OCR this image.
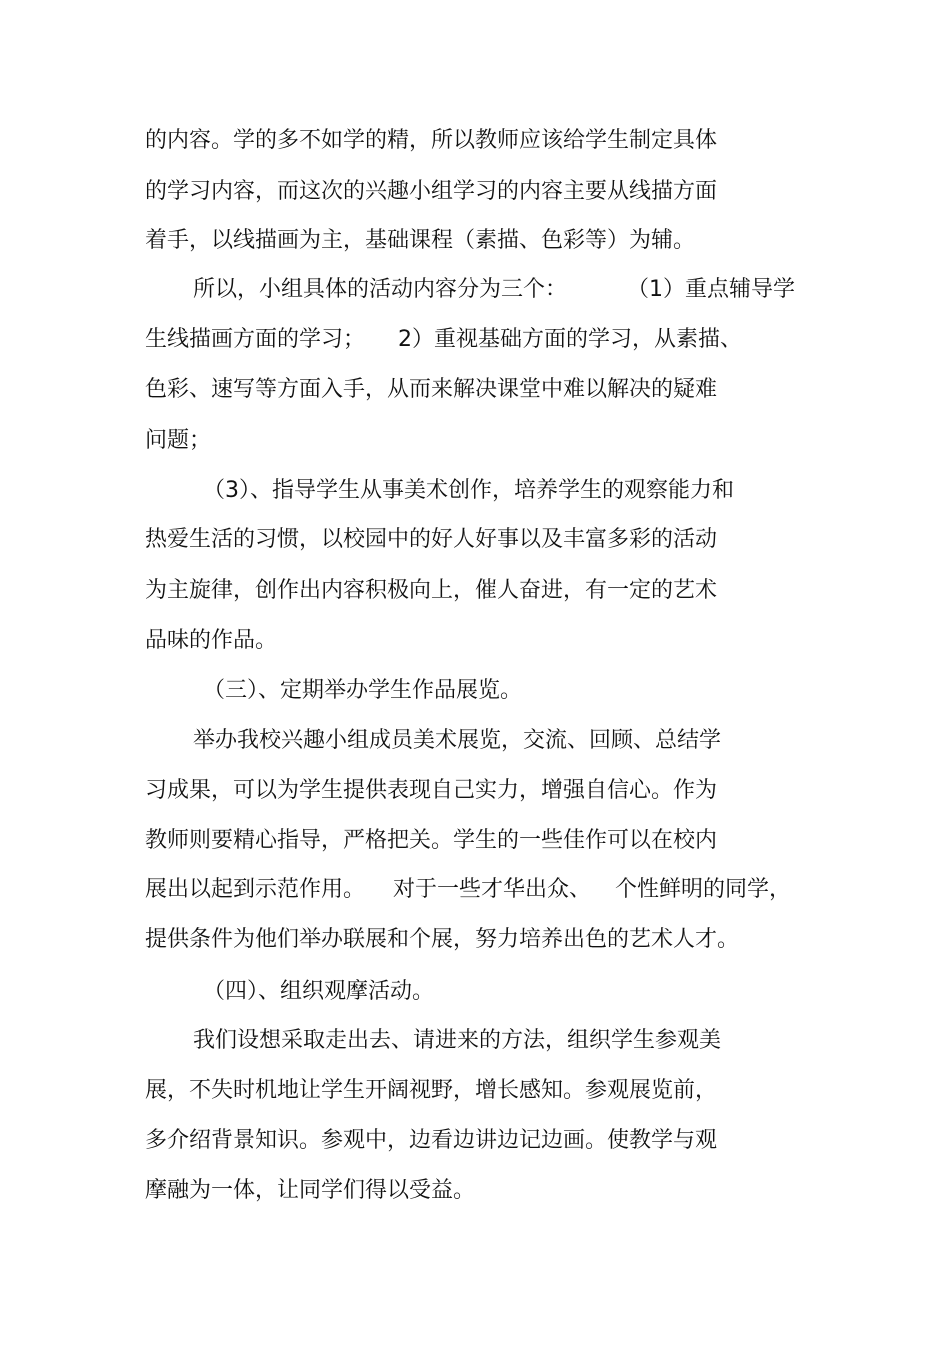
的内容。学的多不如学的精，所以教师应该给学生制定具体
的学习内容，而这次的兴趣小组学习的内容主要从线描方面
着手，以线描画为主，基础课程（素描、色彩等）为辅。
所以，小组具体的活动内容分为三个：	（1）重点辅导学
生线描画方面的学习； 2）重视基础方面的学习，从素描、
色彩、速写等方面入手，从而来解决课堂中难以解决的疑难
问题；
（3）、指导学生从事美术创作，培养学生的观察能力和
热爱生活的习惯，以校园中的好人好事以及丰富多彩的活动
为主旋律，创作出内容积极向上，催人奋进，有一定的艺术
品味的作品。
（三）、定期举办学生作品展览。
举办我校兴趣小组成员美术展览，交流、回顾、总结学
习成果，可以为学生提供表现自己实力，增强自信心。作为
教师则要精心指导，严格把关。学生的一些佳作可以在校内
展出以起到示范作用。 对于一些才华出众、 个性鲜明的同学，
提供条件为他们举办联展和个展，努力培养出色的艺术人才。
（四）、组织观摩活动。
我们设想采取走出去、请进来的方法，组织学生参观美
展，不失时机地让学生开阔视野，增长感知。参观展览前，
多介绍背景知识。参观中，边看边讲边记边画。使教学与观
摩融为一体，让同学们得以受益。
